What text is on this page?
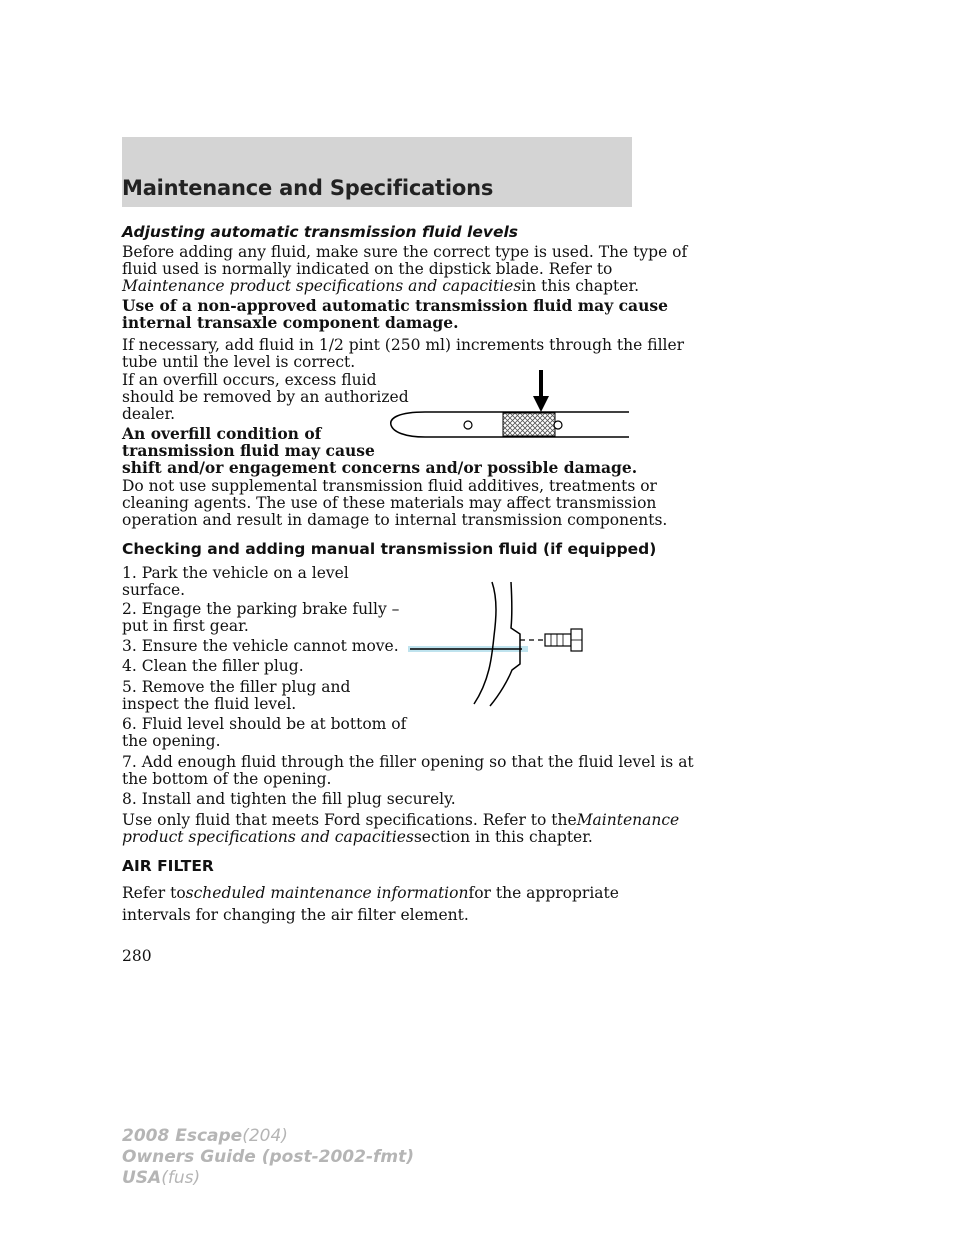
Maintenance and Specifications

Adjusting automatic transmission fluid levels

Before adding any fluid, make sure the correct type is used. The type of

fluid used is normally indicated on the dipstick blade. Refer to

Maintenance product specifications and capacitiesin this chapter.

Use of a non-approved automatic transmission fluid may cause

internal transaxle component damage.

If necessary, add fluid in 1/2 pint (250 ml) increments through the filler

tube until the level is correct.

If an overfill occurs, excess fluid

should be removed by an authorized

dealer.

An overfill condition of

transmission fluid may cause

shift and/or engagement concerns and/or possible damage.

Do not use supplemental transmission fluid additives, treatments or

cleaning agents. The use of these materials may affect transmission

operation and result in damage to internal transmission components.

Checking and adding manual transmission fluid (if equipped)

1. Park the vehicle on a level

surface.

2. Engage the parking brake fully –

put in first gear.

3. Ensure the vehicle cannot move.

4. Clean the filler plug.

5. Remove the filler plug and

inspect the fluid level.

6. Fluid level should be at bottom of

the opening.

7. Add enough fluid through the filler opening so that the fluid level is at

the bottom of the opening.

8. Install and tighten the fill plug securely.

Use only fluid that meets Ford specifications. Refer to theMaintenance

product specifications and capacitiessection in this chapter.

AIR FILTER

Refer toscheduled maintenance informationfor the appropriate

intervals for changing the air filter element.

280
2008 Escape(204)
Owners Guide (post-2002-fmt)
USA(fus)
